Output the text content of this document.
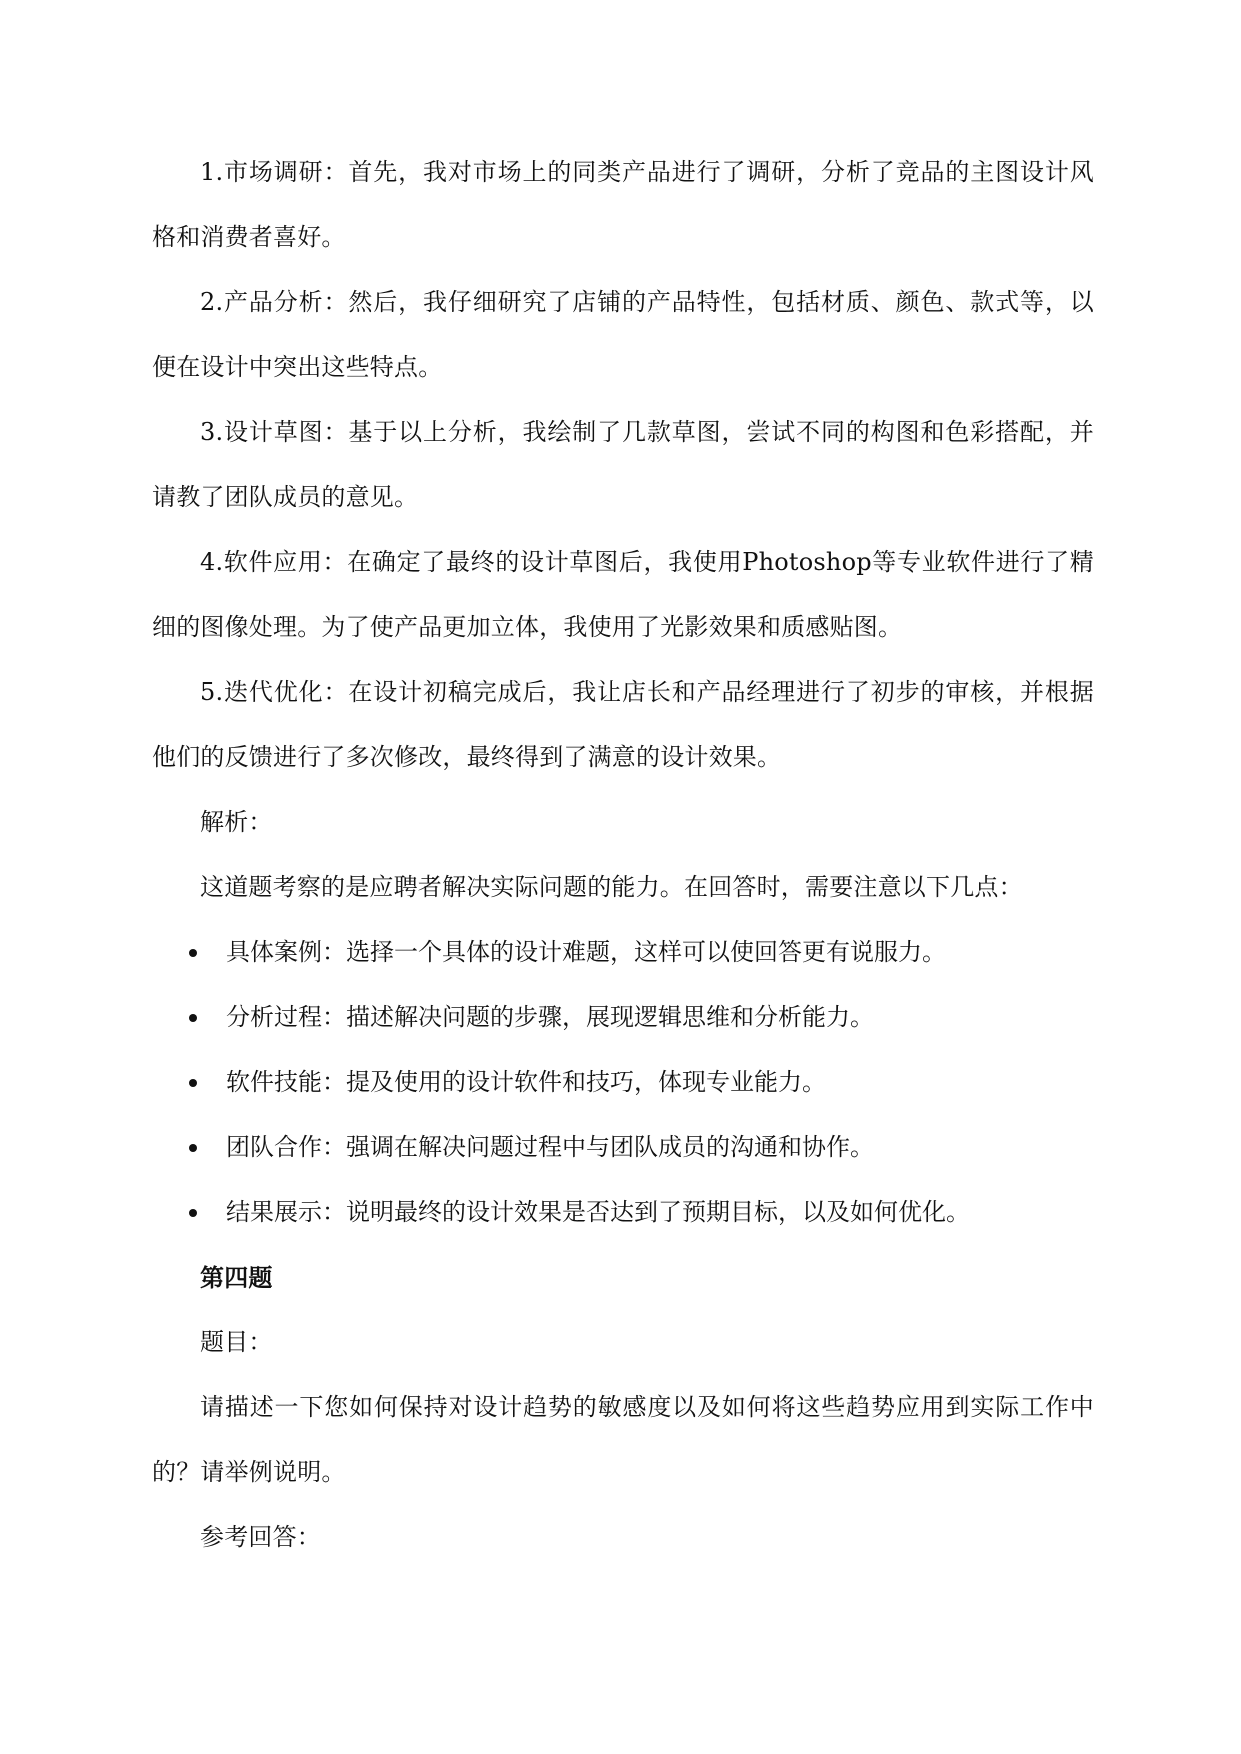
1.市场调研：首先，我对市场上的同类产品进行了调研，分析了竞品的主图设计风格和消费者喜好。

2.产品分析：然后，我仔细研究了店铺的产品特性，包括材质、颜色、款式等，以便在设计中突出这些特点。

3.设计草图：基于以上分析，我绘制了几款草图，尝试不同的构图和色彩搭配，并请教了团队成员的意见。

4.软件应用：在确定了最终的设计草图后，我使用Photoshop等专业软件进行了精细的图像处理。为了使产品更加立体，我使用了光影效果和质感贴图。

5.迭代优化：在设计初稿完成后，我让店长和产品经理进行了初步的审核，并根据他们的反馈进行了多次修改，最终得到了满意的设计效果。

解析：

这道题考察的是应聘者解决实际问题的能力。在回答时，需要注意以下几点：

具体案例：选择一个具体的设计难题，这样可以使回答更有说服力。
分析过程：描述解决问题的步骤，展现逻辑思维和分析能力。
软件技能：提及使用的设计软件和技巧，体现专业能力。
团队合作：强调在解决问题过程中与团队成员的沟通和协作。
结果展示：说明最终的设计效果是否达到了预期目标，以及如何优化。

第四题

题目：

请描述一下您如何保持对设计趋势的敏感度以及如何将这些趋势应用到实际工作中的？请举例说明。

参考回答：
